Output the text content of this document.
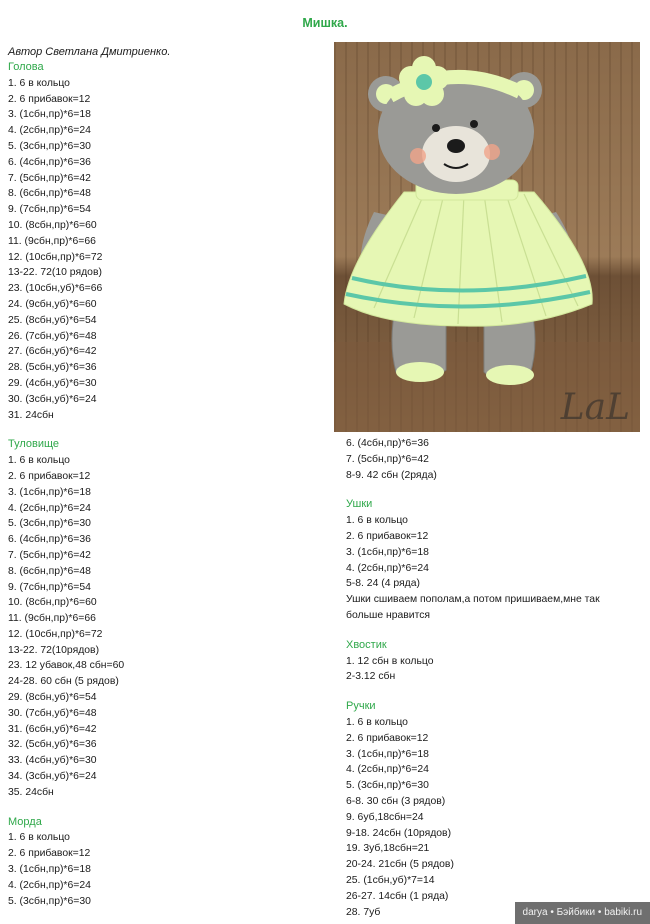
Мишка.
Автор Светлана Дмитриенко.
Голова
1. 6 в кольцо
2. 6 прибавок=12
3. (1сбн,пр)*6=18
4. (2сбн,пр)*6=24
5. (3сбн,пр)*6=30
6. (4сбн,пр)*6=36
7. (5сбн,пр)*6=42
8. (6сбн,пр)*6=48
9. (7сбн,пр)*6=54
10. (8сбн,пр)*6=60
11. (9сбн,пр)*6=66
12. (10сбн,пр)*6=72
13-22. 72(10 рядов)
23. (10сбн,уб)*6=66
24. (9сбн,уб)*6=60
25. (8сбн,уб)*6=54
26. (7сбн,уб)*6=48
27. (6сбн,уб)*6=42
28. (5сбн,уб)*6=36
29. (4сбн,уб)*6=30
30. (3сбн,уб)*6=24
31. 24сбн
Туловище
1. 6 в кольцо
2. 6 прибавок=12
3. (1сбн,пр)*6=18
4. (2сбн,пр)*6=24
5. (3сбн,пр)*6=30
6. (4сбн,пр)*6=36
7. (5сбн,пр)*6=42
8. (6сбн,пр)*6=48
9. (7сбн,пр)*6=54
10. (8сбн,пр)*6=60
11. (9сбн,пр)*6=66
12. (10сбн,пр)*6=72
13-22. 72(10рядов)
23. 12 убавок,48 сбн=60
24-28. 60 сбн (5 рядов)
29. (8сбн,уб)*6=54
30. (7сбн,уб)*6=48
31. (6сбн,уб)*6=42
32. (5сбн,уб)*6=36
33. (4сбн,уб)*6=30
34. (3сбн,уб)*6=24
35. 24сбн
Морда
1. 6 в кольцо
2. 6 прибавок=12
3. (1сбн,пр)*6=18
4. (2сбн,пр)*6=24
5. (3сбн,пр)*6=30
LaL
6. (4сбн,пр)*6=36
7. (5сбн,пр)*6=42
8-9. 42 сбн (2ряда)
Ушки
1. 6 в кольцо
2. 6 прибавок=12
3. (1сбн,пр)*6=18
4. (2сбн,пр)*6=24
5-8. 24 (4 ряда)
Ушки сшиваем пополам,а потом пришиваем,мне так
больше нравится
Хвостик
1. 12 сбн в кольцо
2-3.12 сбн
Ручки
1. 6 в кольцо
2. 6 прибавок=12
3. (1сбн,пр)*6=18
4. (2сбн,пр)*6=24
5. (3сбн,пр)*6=30
6-8. 30 сбн (3 рядов)
9. 6уб,18сбн=24
9-18. 24сбн (10рядов)
19. 3уб,18сбн=21
20-24. 21сбн (5 рядов)
25. (1сбн,уб)*7=14
26-27. 14сбн (1 ряда)
28. 7уб	darya • Бэйбики • babiki.ru
